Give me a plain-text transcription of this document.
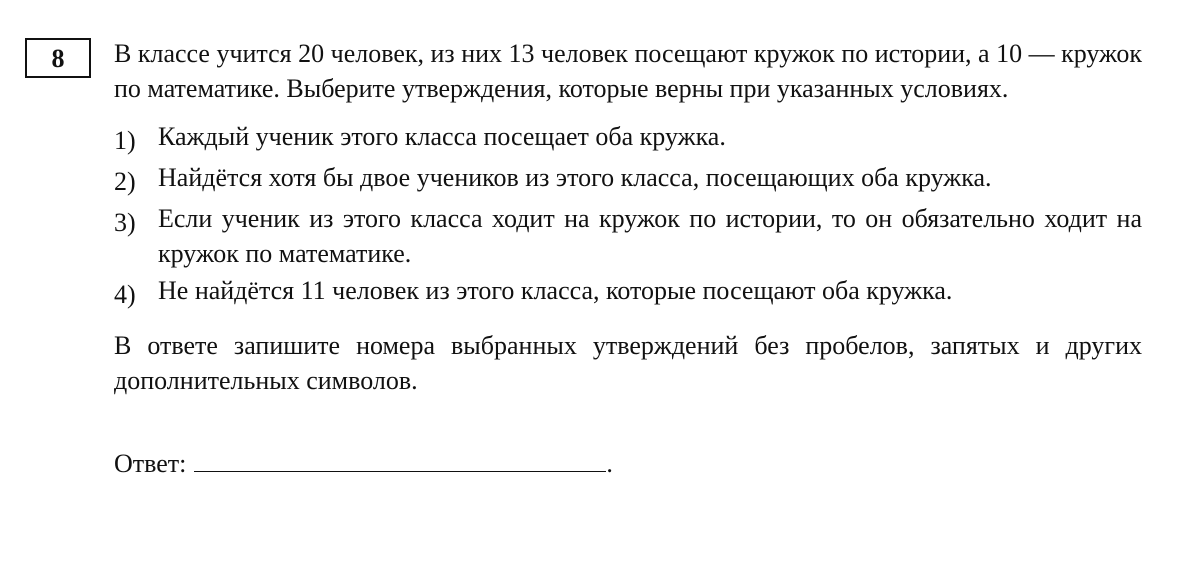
8 В классе учится 20 человек, из них 13 человек посещают кружок по истории, а 10 — кружок по математике. Выберите утверждения, которые верны при указанных условиях.

1) Каждый ученик этого класса посещает оба кружка.

2) Найдётся хотя бы двое учеников из этого класса, посещающих оба кружка.

3) Если ученик из этого класса ходит на кружок по истории, то он обязательно ходит на кружок по математике.

4) Не найдётся 11 человек из этого класса, которые посещают оба кружка.

В ответе запишите номера выбранных утверждений без пробелов, запятых и других дополнительных символов.

Ответ:	.
